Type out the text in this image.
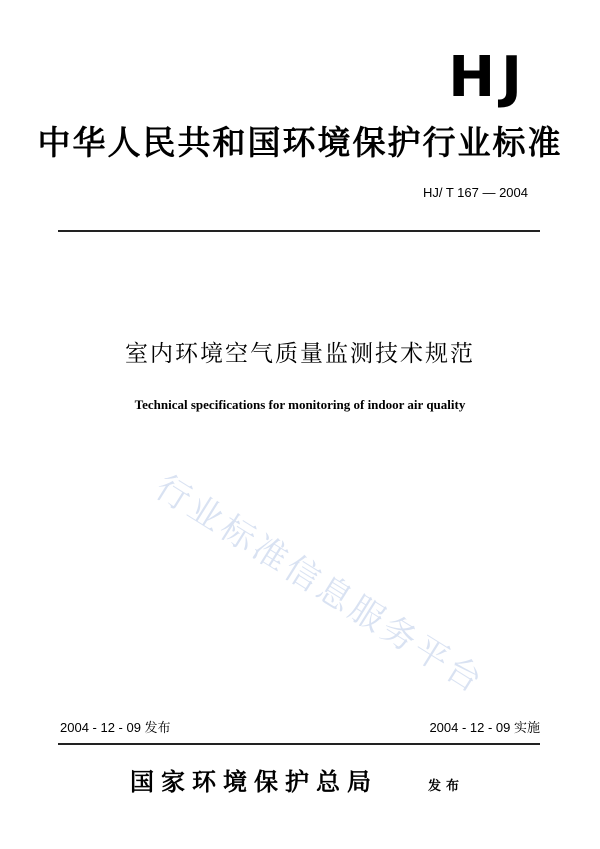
HJ
中华人民共和国环境保护行业标准
HJ/ T 167 — 2004
室内环境空气质量监测技术规范
Technical specifications for monitoring of indoor air quality
行业标准信息服务平台
2004 - 12 - 09 发布	2004 - 12 - 09 实施
国家环境保护总局	发布
